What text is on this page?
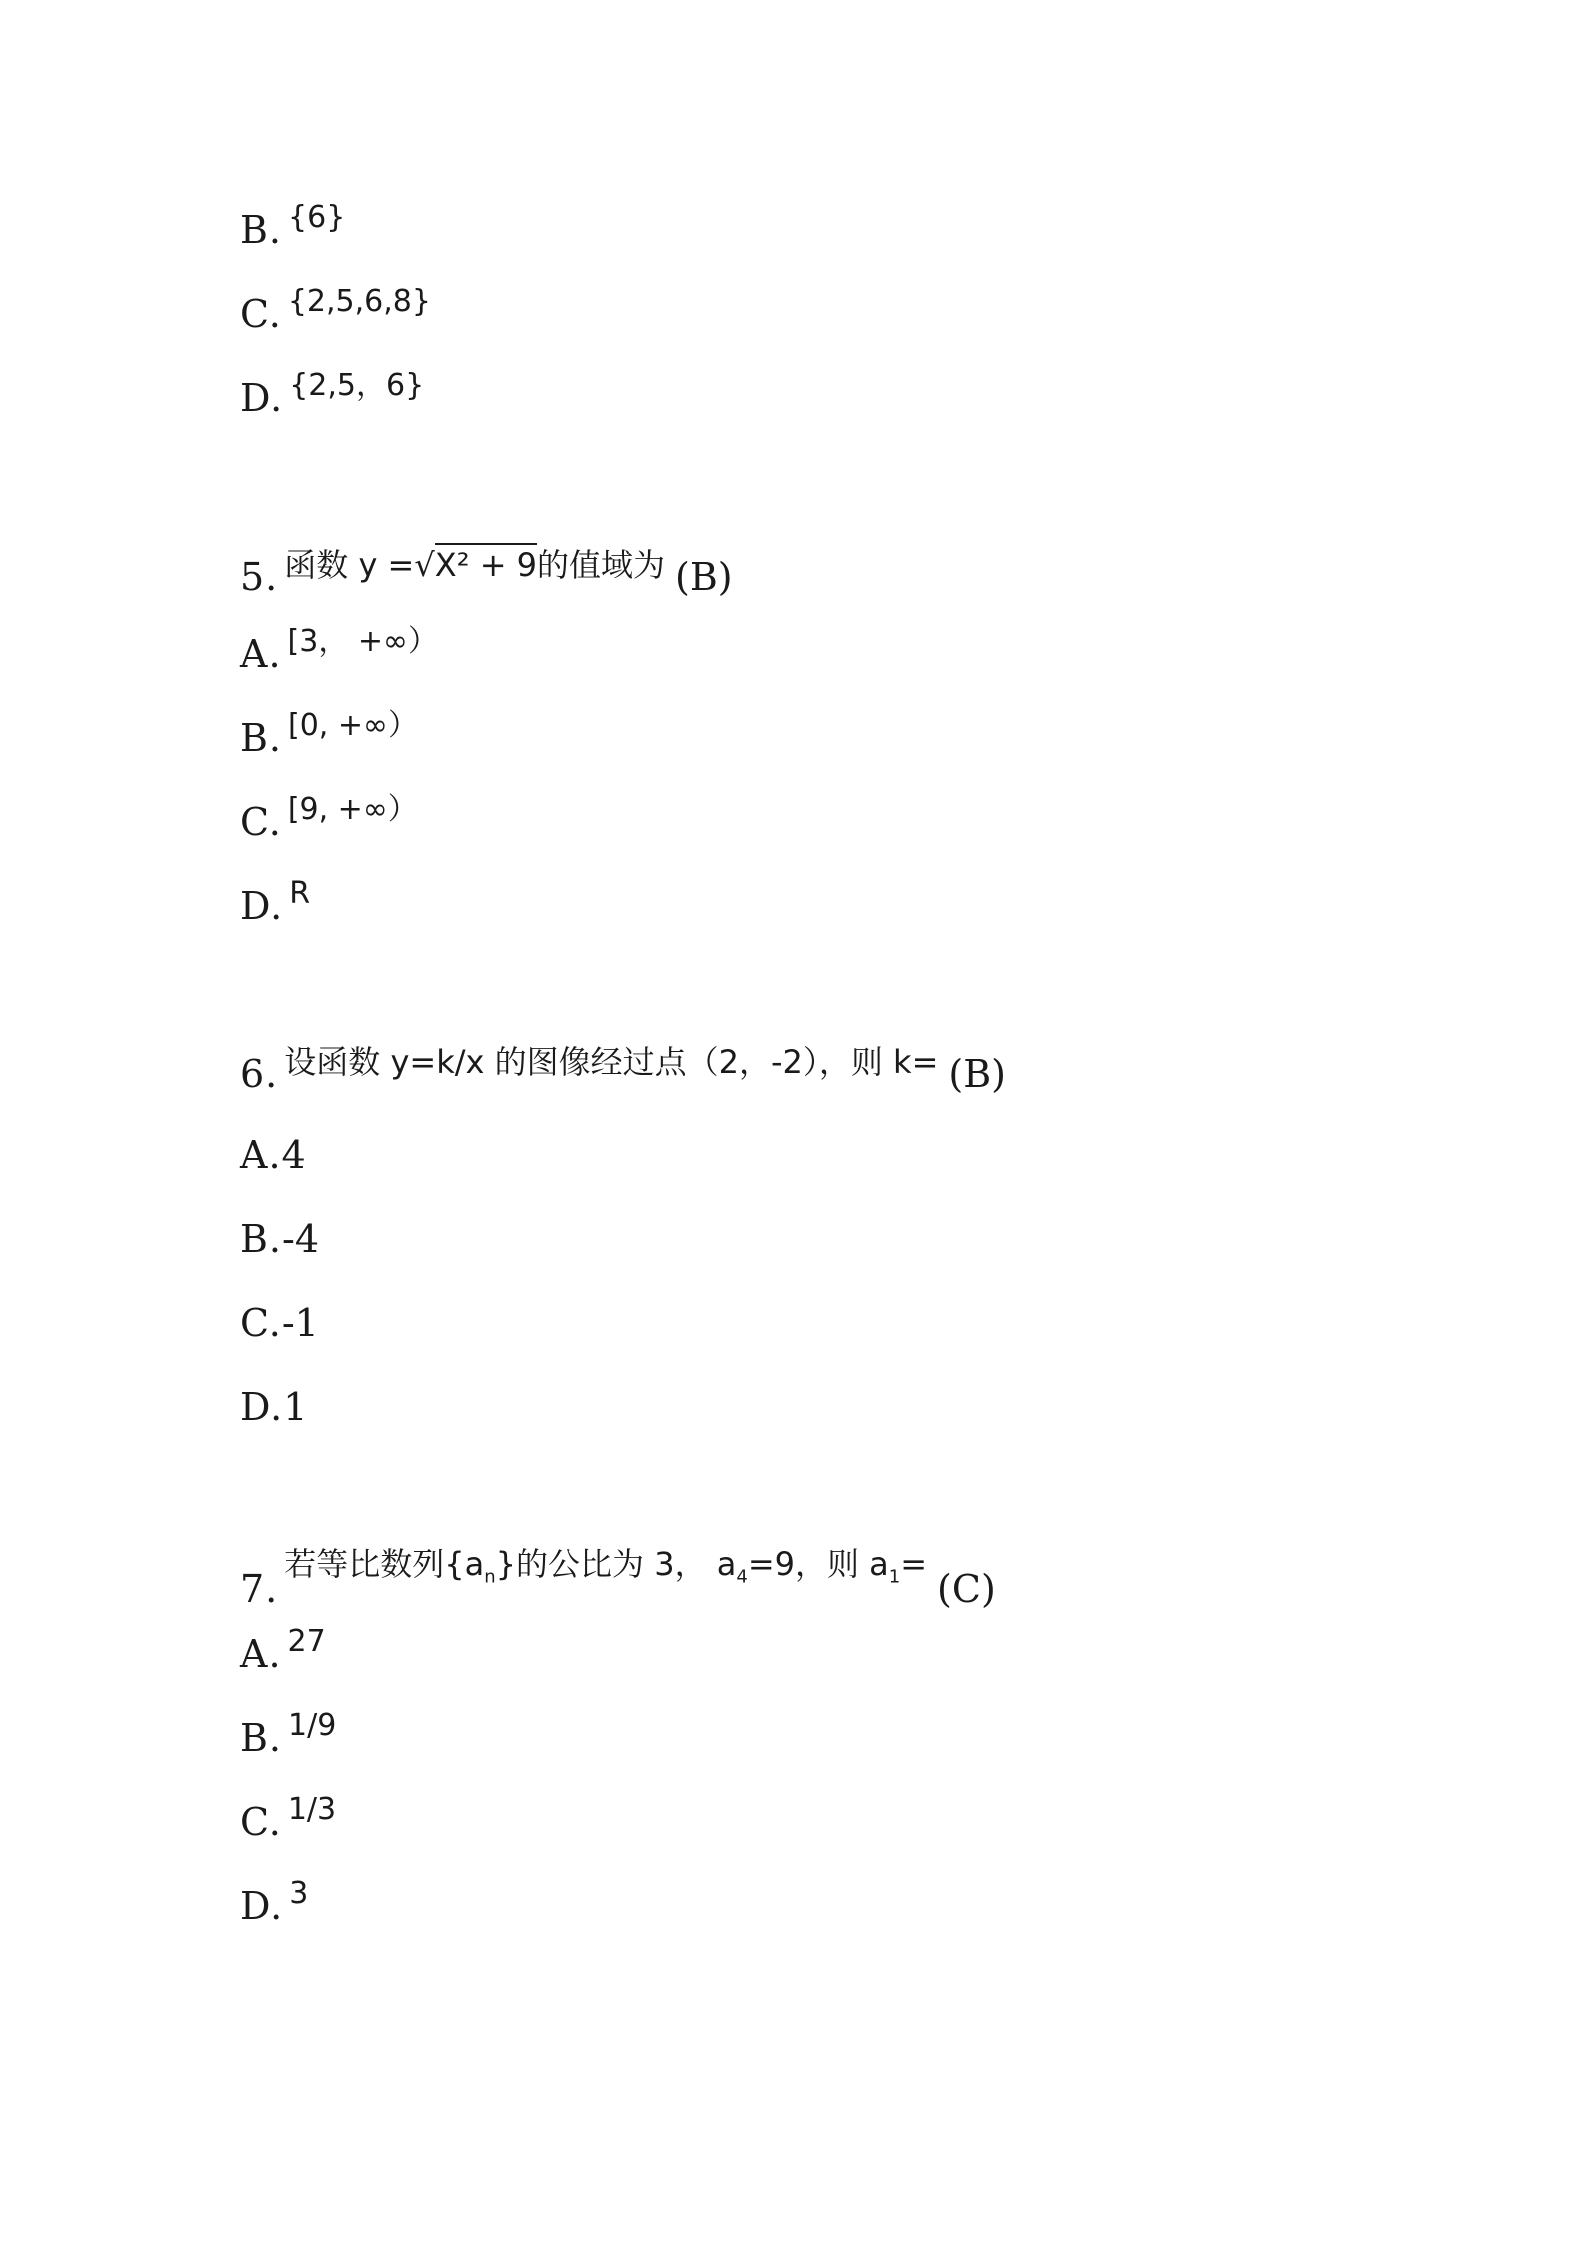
B. {6}
C. {2,5,6,8}
D. {2,5，6}
5. 函数 y =√X² + 9的值域为 (B)
A. [3， +∞）
B. [0, +∞）
C. [9, +∞）
D. R
6. 设函数 y=k/x 的图像经过点（2，-2），则 k= (B)
A. 4
B. -4
C. -1
D. 1
7.
若等比数列$\{a_n\}$的公比为 3， $a_4=9$，则 $a_1=$
(C)
A. 27
B. 1/9
C. 1/3
D. 3
